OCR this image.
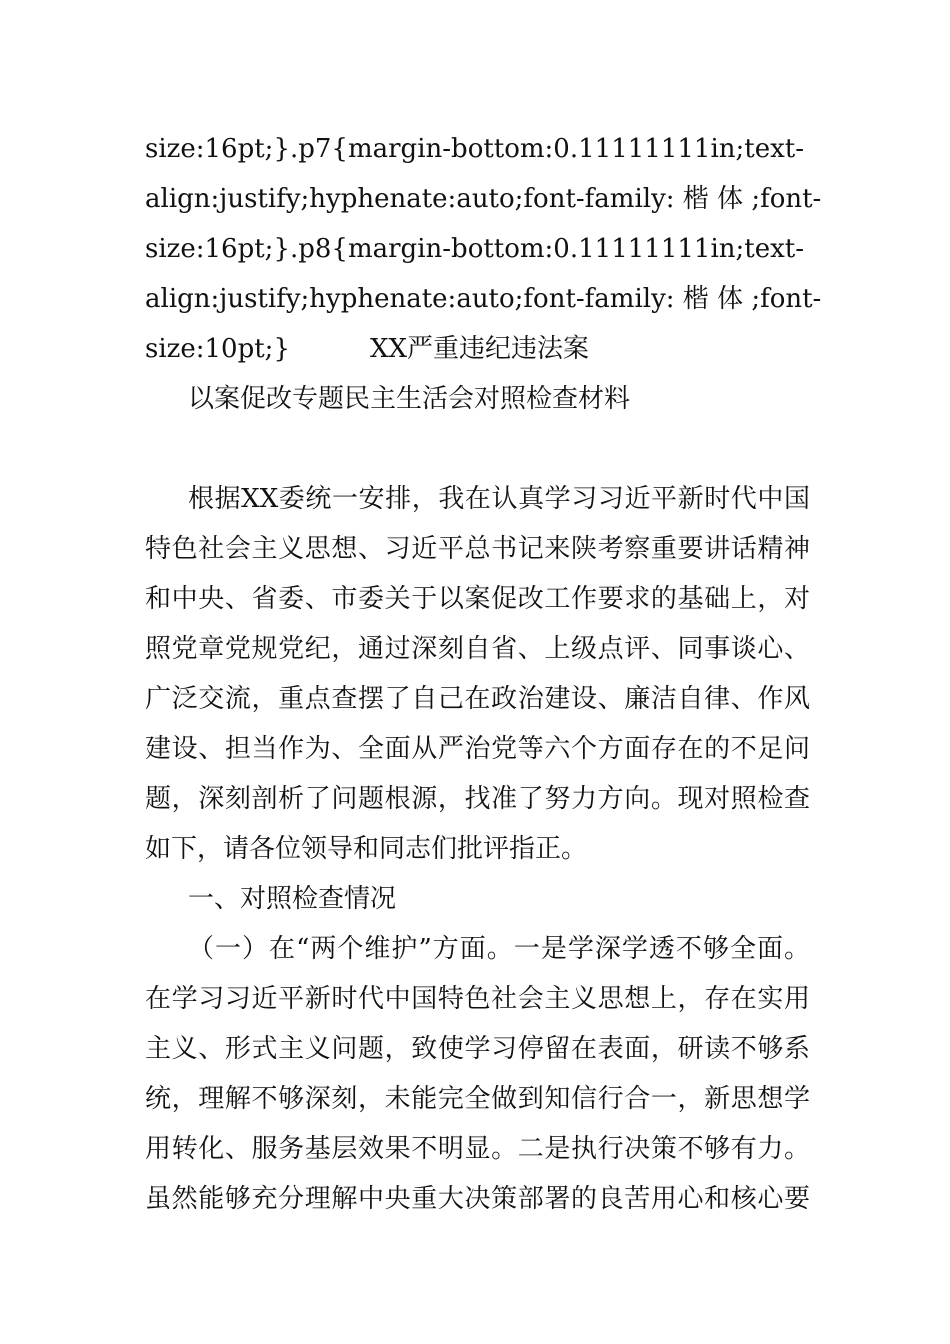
size:16pt;}.p7{margin-bottom:0.11111111in;text-
align:justify;hyphenate:auto;font-family: 楷 体 ;font-
size:16pt;}.p8{margin-bottom:0.11111111in;text-
align:justify;hyphenate:auto;font-family: 楷 体 ;font-
size:10pt;}	XX严重违纪违法案
以案促改专题民主生活会对照检查材料
根据XX委统一安排，我在认真学习习近平新时代中国
特色社会主义思想、习近平总书记来陕考察重要讲话精神
和中央、省委、市委关于以案促改工作要求的基础上，对
照党章党规党纪，通过深刻自省、上级点评、同事谈心、
广泛交流，重点查摆了自己在政治建设、廉洁自律、作风
建设、担当作为、全面从严治党等六个方面存在的不足问
题，深刻剖析了问题根源，找准了努力方向。现对照检查
如下，请各位领导和同志们批评指正。
一、对照检查情况
（一）在“两个维护”方面。一是学深学透不够全面。
在学习习近平新时代中国特色社会主义思想上，存在实用
主义、形式主义问题，致使学习停留在表面，研读不够系
统，理解不够深刻，未能完全做到知信行合一，新思想学
用转化、服务基层效果不明显。二是执行决策不够有力。
虽然能够充分理解中央重大决策部署的良苦用心和核心要
